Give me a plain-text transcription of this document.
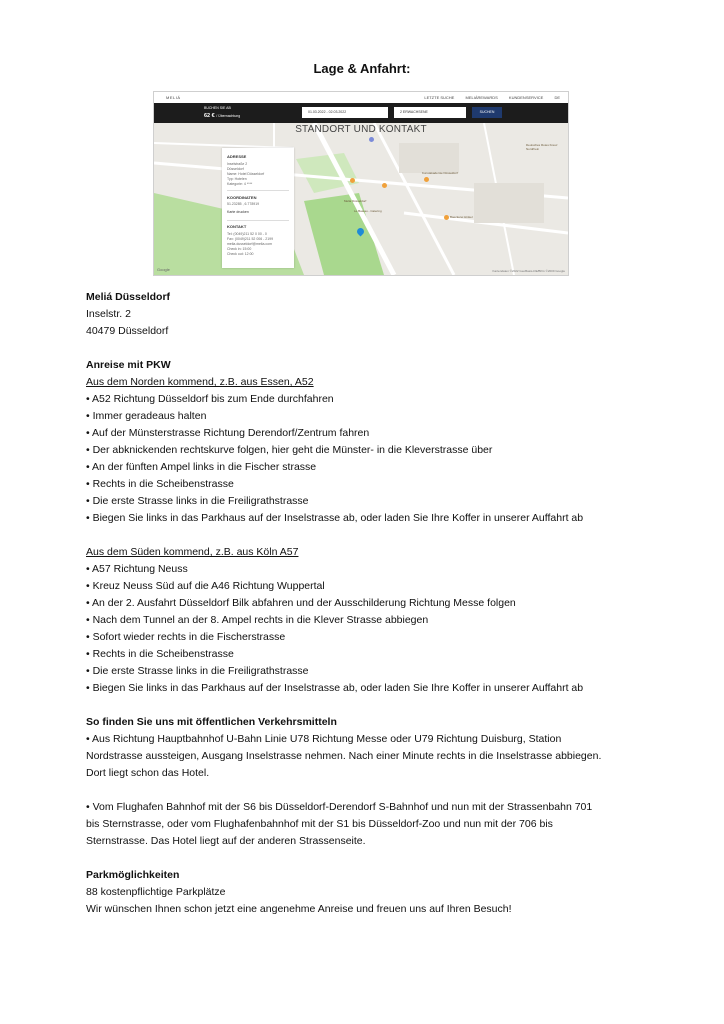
Lage & Anfahrt:
MELIÁ	LETZTE SUCHE	MELIÁREWARDS	KUNDENSERVICE	DE
BUCHEN SIE AB
62 € / Übernachtung
01.03.2022 - 02.03.2022	2 ERWACHSENE	SUCHEN
Melia Düsseldorf
Kunstakademie Düsseldorf
Deutsches Rotes Kreuz Nordrhein
Le Bateau - Catering
Baeckerei Hinkel
STANDORT UND KONTAKT
ADRESSE
Inselstraße 2
Düsseldorf
Name: Hotel Düsseldorf
Typ: Hotelen
Kategorie: 4 ****
KOORDINATEN
51.23285 , 6.778919
Karte drucken
KONTAKT
Tel: (0049)211 52 0 00 - 0
Fax: (0049)211 52 006 - 2199
melia.dusseldorf@melia.com
Check in: 15:00
Check out: 12:00
Google	Kartendaten ©2022 GeoBasis-DE/BKG ©2009 Google
Meliá Düsseldorf
Inselstr. 2
40479 Düsseldorf
Anreise mit PKW
Aus dem Norden kommend, z.B. aus Essen, A52
• A52 Richtung Düsseldorf bis zum Ende durchfahren
• Immer geradeaus halten
• Auf der Münsterstrasse Richtung Derendorf/Zentrum fahren
• Der abknickenden rechtskurve folgen, hier geht die Münster- in die Kleverstrasse über
• An der fünften Ampel links in die Fischer strasse
• Rechts in die Scheibenstrasse
• Die erste Strasse links in die Freiligrathstrasse
• Biegen Sie links in das Parkhaus auf der Inselstrasse ab, oder laden Sie Ihre Koffer in unserer Auffahrt ab
Aus dem Süden kommend, z.B. aus Köln A57
• A57 Richtung Neuss
• Kreuz Neuss Süd auf die A46 Richtung Wuppertal
• An der 2. Ausfahrt Düsseldorf Bilk abfahren und der Ausschilderung Richtung Messe folgen
• Nach dem Tunnel an der 8. Ampel rechts in die Klever Strasse abbiegen
• Sofort wieder rechts in die Fischerstrasse
• Rechts in die Scheibenstrasse
• Die erste Strasse links in die Freiligrathstrasse
• Biegen Sie links in das Parkhaus auf der Inselstrasse ab, oder laden Sie Ihre Koffer in unserer Auffahrt ab
So finden Sie uns mit öffentlichen Verkehrsmitteln
• Aus Richtung Hauptbahnhof U-Bahn Linie U78 Richtung Messe oder U79 Richtung Duisburg, Station
Nordstrasse aussteigen, Ausgang Inselstrasse nehmen. Nach einer Minute rechts in die Inselstrasse abbiegen.
Dort liegt schon das Hotel.
• Vom Flughafen Bahnhof mit der S6 bis Düsseldorf-Derendorf S-Bahnhof und nun mit der Strassenbahn 701
bis Sternstrasse, oder vom Flughafenbahnhof mit der S1 bis Düsseldorf-Zoo und nun mit der 706 bis
Sternstrasse. Das Hotel liegt auf der anderen Strassenseite.
Parkmöglichkeiten
88 kostenpflichtige Parkplätze
Wir wünschen Ihnen schon jetzt eine angenehme Anreise und freuen uns auf Ihren Besuch!
